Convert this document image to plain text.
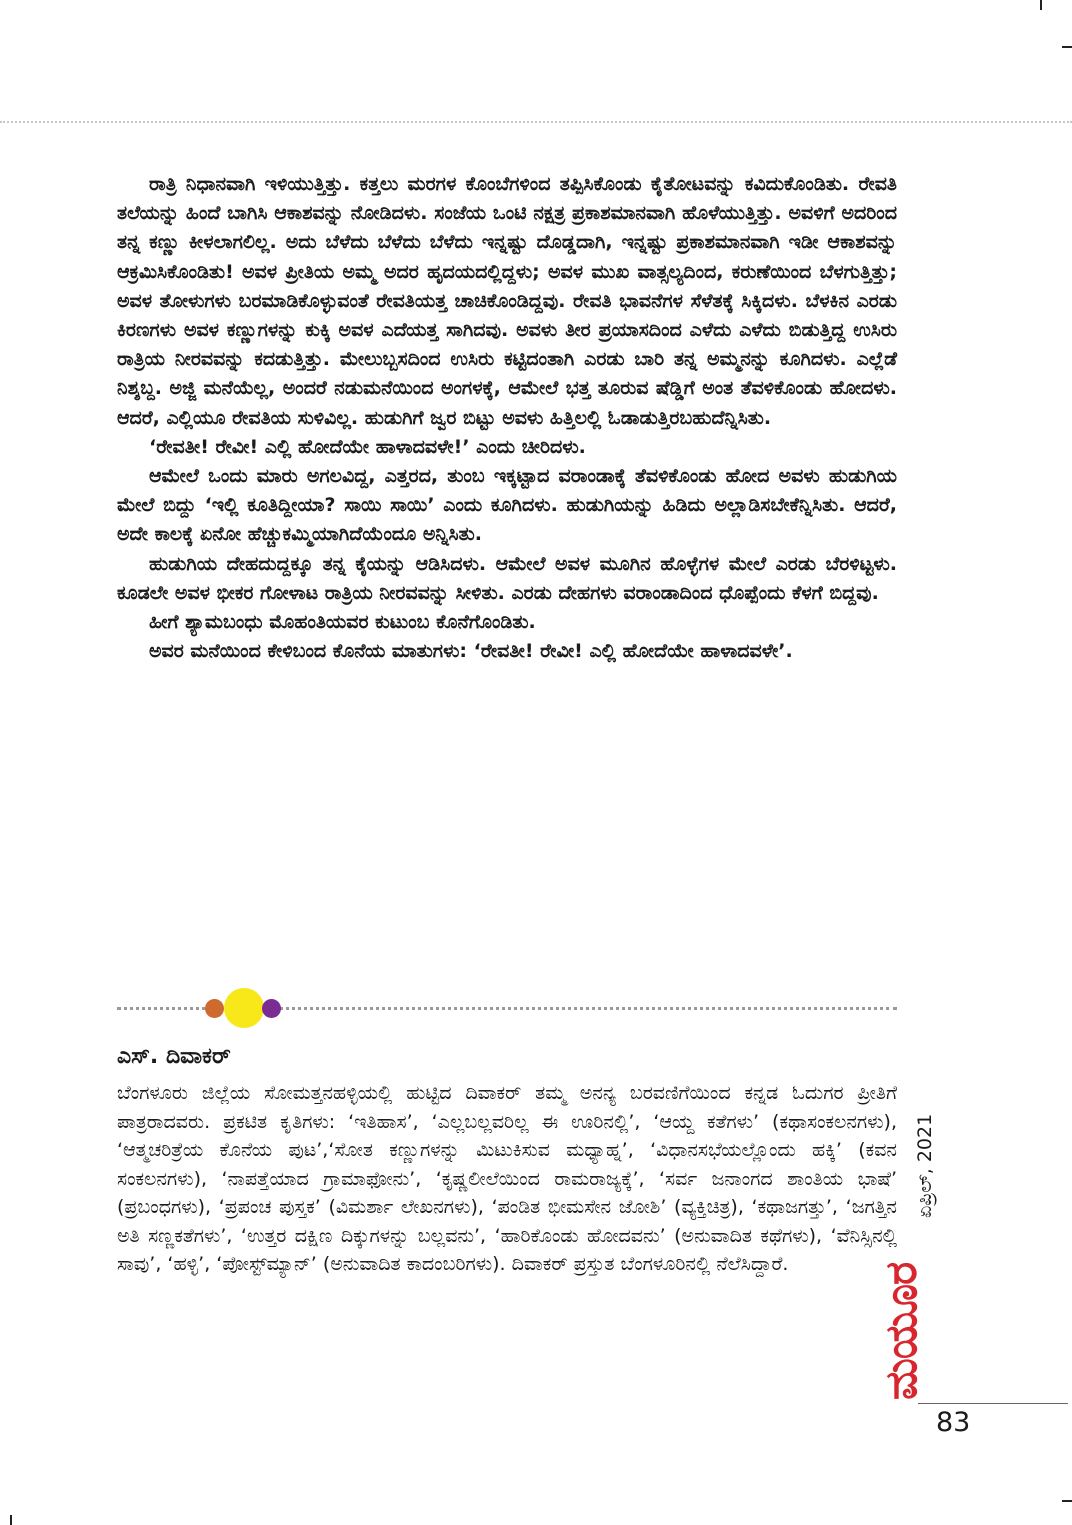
ರಾತ್ರಿ ನಿಧಾನವಾಗಿ ಇಳಿಯುತ್ತಿತ್ತು. ಕತ್ತಲು ಮರಗಳ ಕೊಂಬೆಗಳಿಂದ ತಪ್ಪಿಸಿಕೊಂಡು ಕೈತೋಟವನ್ನು ಕವಿದುಕೊಂಡಿತು. ರೇವತಿ ತಲೆಯನ್ನು ಹಿಂದೆ ಬಾಗಿಸಿ ಆಕಾಶವನ್ನು ನೋಡಿದಳು. ಸಂಜೆಯ ಒಂಟಿ ನಕ್ಷತ್ರ ಪ್ರಕಾಶಮಾನವಾಗಿ ಹೊಳೆಯುತ್ತಿತ್ತು. ಅವಳಿಗೆ ಅದರಿಂದ ತನ್ನ ಕಣ್ಣು ಕೀಳಲಾಗಲಿಲ್ಲ. ಅದು ಬೆಳೆದು ಬೆಳೆದು ಬೆಳೆದು ಇನ್ನಷ್ಟು ದೊಡ್ಡದಾಗಿ, ಇನ್ನಷ್ಟು ಪ್ರಕಾಶಮಾನವಾಗಿ ಇಡೀ ಆಕಾಶವನ್ನು ಆಕ್ರಮಿಸಿಕೊಂಡಿತು! ಅವಳ ಪ್ರೀತಿಯ ಅಮ್ಮ ಅದರ ಹೃದಯದಲ್ಲಿದ್ದಳು; ಅವಳ ಮುಖ ವಾತ್ಸಲ್ಯದಿಂದ, ಕರುಣೆಯಿಂದ ಬೆಳಗುತ್ತಿತ್ತು; ಅವಳ ತೋಳುಗಳು ಬರಮಾಡಿಕೊಳ್ಳುವಂತೆ ರೇವತಿಯತ್ತ ಚಾಚಿಕೊಂಡಿದ್ದವು. ರೇವತಿ ಭಾವನೆಗಳ ಸೆಳೆತಕ್ಕೆ ಸಿಕ್ಕಿದಳು. ಬೆಳಕಿನ ಎರಡು ಕಿರಣಗಳು ಅವಳ ಕಣ್ಣುಗಳನ್ನು ಕುಕ್ಕಿ ಅವಳ ಎದೆಯತ್ತ ಸಾಗಿದವು. ಅವಳು ತೀರ ಪ್ರಯಾಸದಿಂದ ಎಳೆದು ಎಳೆದು ಬಿಡುತ್ತಿದ್ದ ಉಸಿರು ರಾತ್ರಿಯ ನೀರವವನ್ನು ಕದಡುತ್ತಿತ್ತು. ಮೇಲುಬ್ಬಸದಿಂದ ಉಸಿರು ಕಟ್ಟಿದಂತಾಗಿ ಎರಡು ಬಾರಿ ತನ್ನ ಅಮ್ಮನನ್ನು ಕೂಗಿದಳು. ಎಲ್ಲೆಡೆ ನಿಶ್ಶಬ್ದ. ಅಜ್ಜಿ ಮನೆಯೆಲ್ಲ, ಅಂದರೆ ನಡುಮನೆಯಿಂದ ಅಂಗಳಕ್ಕೆ, ಆಮೇಲೆ ಭತ್ತ ತೂರುವ ಷೆಡ್ಡಿಗೆ ಅಂತ ತೆವಳಿಕೊಂಡು ಹೋದಳು. ಆದರೆ, ಎಲ್ಲಿಯೂ ರೇವತಿಯ ಸುಳಿವಿಲ್ಲ. ಹುಡುಗಿಗೆ ಜ್ವರ ಬಿಟ್ಟು ಅವಳು ಹಿತ್ತಿಲಲ್ಲಿ ಓಡಾಡುತ್ತಿರಬಹುದೆನ್ನಿಸಿತು.

‘ರೇವತೀ! ರೇವೀ! ಎಲ್ಲಿ ಹೋದೆಯೇ ಹಾಳಾದವಳೇ!’ ಎಂದು ಚೀರಿದಳು.

ಆಮೇಲೆ ಒಂದು ಮಾರು ಅಗಲವಿದ್ದ, ಎತ್ತರದ, ತುಂಬ ಇಕ್ಕಟ್ಟಾದ ವರಾಂಡಾಕ್ಕೆ ತೆವಳಿಕೊಂಡು ಹೋದ ಅವಳು ಹುಡುಗಿಯ ಮೇಲೆ ಬಿದ್ದು ‘ಇಲ್ಲಿ ಕೂತಿದ್ದೀಯಾ? ಸಾಯಿ ಸಾಯಿ’ ಎಂದು ಕೂಗಿದಳು. ಹುಡುಗಿಯನ್ನು ಹಿಡಿದು ಅಲ್ಲಾಡಿಸಬೇಕೆನ್ನಿಸಿತು. ಆದರೆ, ಅದೇ ಕಾಲಕ್ಕೆ ಏನೋ ಹೆಚ್ಚುಕಮ್ಮಿಯಾಗಿದೆಯೆಂದೂ ಅನ್ನಿಸಿತು.

ಹುಡುಗಿಯ ದೇಹದುದ್ದಕ್ಕೂ ತನ್ನ ಕೈಯನ್ನು ಆಡಿಸಿದಳು. ಆಮೇಲೆ ಅವಳ ಮೂಗಿನ ಹೊಳ್ಳೆಗಳ ಮೇಲೆ ಎರಡು ಬೆರಳಿಟ್ಟಳು. ಕೂಡಲೇ ಅವಳ ಭೀಕರ ಗೋಳಾಟ ರಾತ್ರಿಯ ನೀರವವನ್ನು ಸೀಳಿತು. ಎರಡು ದೇಹಗಳು ವರಾಂಡಾದಿಂದ ಧೊಪ್ಪೆಂದು ಕೆಳಗೆ ಬಿದ್ದವು.

ಹೀಗೆ ಶ್ಯಾಮಬಂಧು ಮೊಹಂತಿಯವರ ಕುಟುಂಬ ಕೊನೆಗೊಂಡಿತು.

ಅವರ ಮನೆಯಿಂದ ಕೇಳಿಬಂದ ಕೊನೆಯ ಮಾತುಗಳು: ‘ರೇವತೀ! ರೇವೀ! ಎಲ್ಲಿ ಹೋದೆಯೇ ಹಾಳಾದವಳೇ’.

ಎಸ್‌. ದಿವಾಕರ್
ಬೆಂಗಳೂರು ಜಿಲ್ಲೆಯ ಸೋಮತ್ತನಹಳ್ಳಿಯಲ್ಲಿ ಹುಟ್ಟಿದ ದಿವಾಕರ್ ತಮ್ಮ ಅನನ್ಯ ಬರವಣಿಗೆಯಿಂದ ಕನ್ನಡ ಓದುಗರ ಪ್ರೀತಿಗೆ ಪಾತ್ರರಾದವರು. ಪ್ರಕಟಿತ ಕೃತಿಗಳು: ‘ಇತಿಹಾಸ’, ‘ಎಲ್ಲಬಲ್ಲವರಿಲ್ಲ ಈ ಊರಿನಲ್ಲಿ’, ‘ಆಯ್ದ ಕತೆಗಳು’ (ಕಥಾಸಂಕಲನಗಳು), ‘ಆತ್ಮಚರಿತ್ರೆಯ ಕೊನೆಯ ಪುಟ’,‘ಸೋತ ಕಣ್ಣುಗಳನ್ನು ಮಿಟುಕಿಸುವ ಮಧ್ಯಾಹ್ನ’, ‘ವಿಧಾನಸಭೆಯಲ್ಲೊಂದು ಹಕ್ಕಿ’ (ಕವನ ಸಂಕಲನಗಳು), ‘ನಾಪತ್ತೆಯಾದ ಗ್ರಾಮಾಫೋನು’, ‘ಕೃಷ್ಣಲೀಲೆಯಿಂದ ರಾಮರಾಜ್ಯಕ್ಕೆ’, ‘ಸರ್ವ ಜನಾಂಗದ ಶಾಂತಿಯ ಭಾಷೆ’ (ಪ್ರಬಂಧಗಳು), ‘ಪ್ರಪಂಚ ಪುಸ್ತಕ’ (ವಿಮರ್ಶಾ ಲೇಖನಗಳು), ‘ಪಂಡಿತ ಭೀಮಸೇನ ಜೋಶಿ’ (ವ್ಯಕ್ತಿಚಿತ್ರ), ‘ಕಥಾಜಗತ್ತು’, ‘ಜಗತ್ತಿನ ಅತಿ ಸಣ್ಣಕತೆಗಳು’, ‘ಉತ್ತರ ದಕ್ಷಿಣ ದಿಕ್ಕುಗಳನ್ನು ಬಲ್ಲವನು’, ‘ಹಾರಿಕೊಂಡು ಹೋದವನು’ (ಅನುವಾದಿತ ಕಥೆಗಳು), ‘ವೆನಿಸ್ಸಿನಲ್ಲಿ ಸಾವು’, ‘ಹಳ್ಳಿ’, ‘ಪೋಸ್ಟ್‌ಮ್ಯಾನ್’ (ಅನುವಾದಿತ ಕಾದಂಬರಿಗಳು). ದಿವಾಕರ್ ಪ್ರಸ್ತುತ ಬೆಂಗಳೂರಿನಲ್ಲಿ ನೆಲೆಸಿದ್ದಾರೆ.
ಏಪ್ರಿಲ್, 2021
ಮಯೂರ
83
